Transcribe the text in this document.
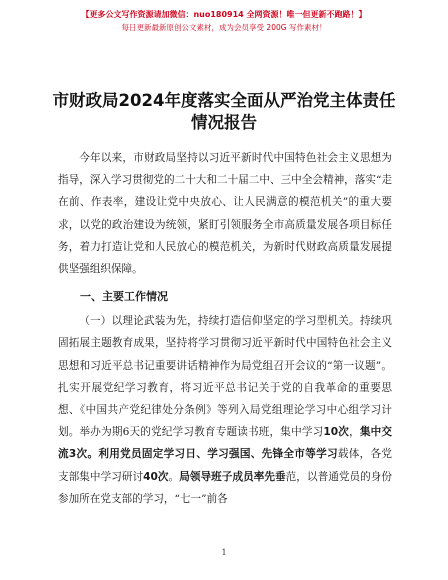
【更多公文写作资源请加微信：nuo180914 全网资源！唯一但更新不跑路！】
每日更新最新原创公文素材，成为会员享受 200G 写作素材！
市财政局2024年度落实全面从严治党主体责任
情况报告

今年以来，市财政局坚持以习近平新时代中国特色社会主义思想为指导，深入学习贯彻党的二十大和二十届二中、三中全会精神，落实“走在前、作表率，建设让党中央放心、让人民满意的模范机关”的重大要求，以党的政治建设为统领，紧盯引领服务全市高质量发展各项目标任务，着力打造让党和人民放心的模范机关，为新时代财政高质量发展提供坚强组织保障。

一、主要工作情况

（一）以理论武装为先，持续打造信仰坚定的学习型机关。持续巩固拓展主题教育成果，坚持将学习贯彻习近平新时代中国特色社会主义思想和习近平总书记重要讲话精神作为局党组召开会议的“第一议题”。扎实开展党纪学习教育，将习近平总书记关于党的自我革命的重要思想、《中国共产党纪律处分条例》等列入局党组理论学习中心组学习计划。举办为期6天的党纪学习教育专题读书班，集中学习10次，集中交流3次。利用党员固定学习日、学习强国、先锋全市等学习载体，各党支部集中学习研讨40次。局领导班子成员率先垂范，以普通党员的身份参加所在党支部的学习，“七一”前各

1
